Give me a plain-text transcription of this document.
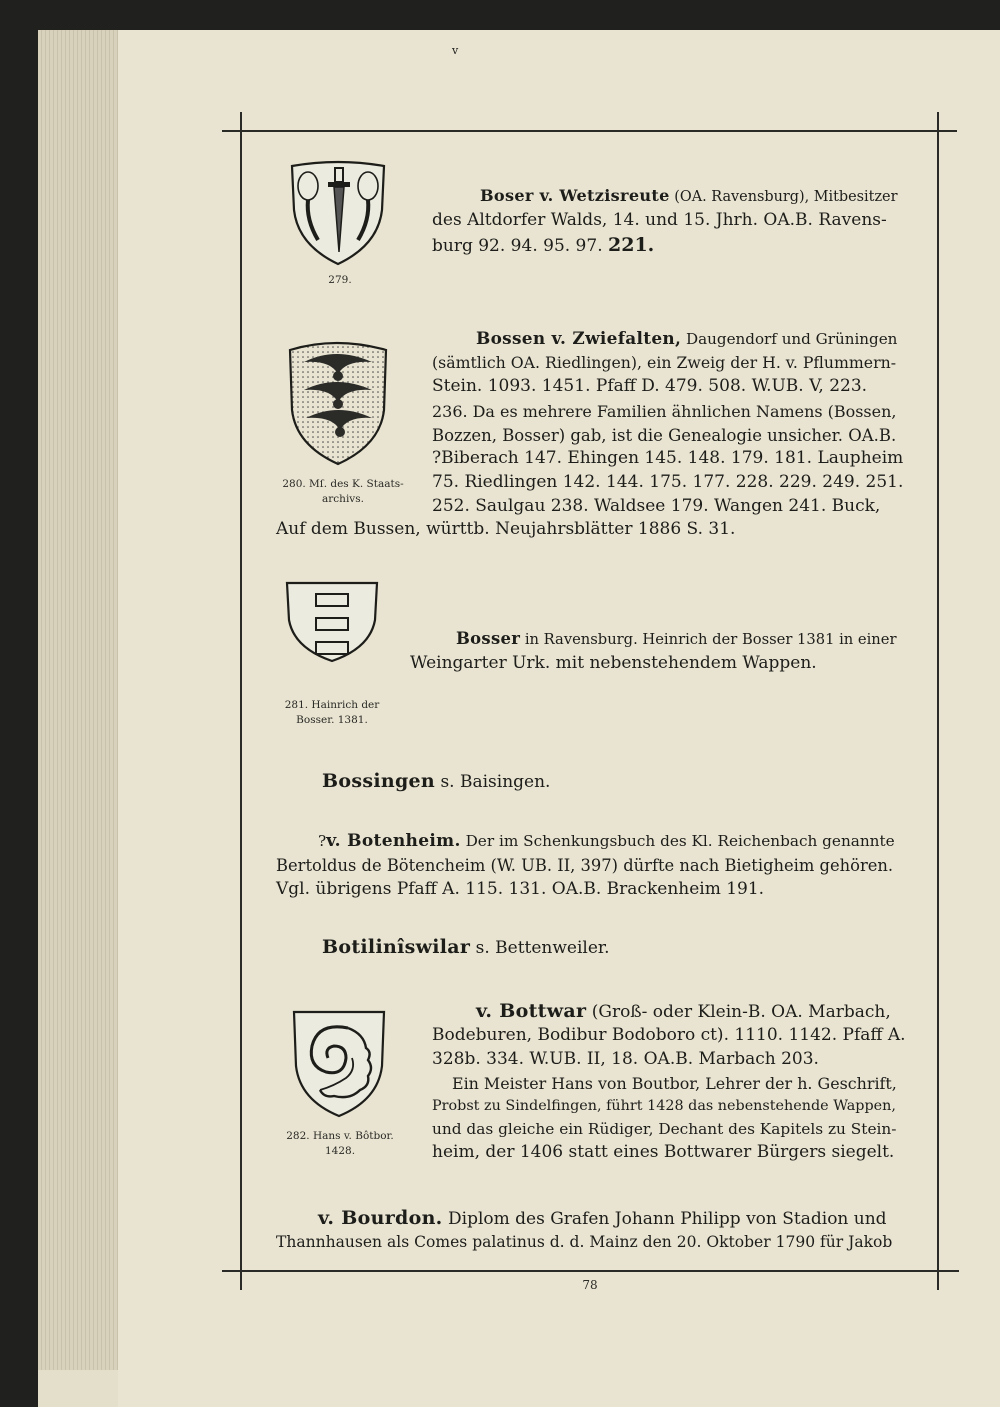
v
279.
Boser v. Wetzisreute (OA. Ravensburg), Mitbesitzer
des Altdorfer Walds, 14. und 15. Jhrh. OA.B. Ravens-
burg 92. 94. 95. 97. 221.
280. Mſ. des K. Staats-
archivs.
Bossen v. Zwiefalten, Daugendorf und Grüningen
(sämtlich OA. Riedlingen), ein Zweig der H. v. Pflummern-
Stein. 1093. 1451. Pfaff D. 479. 508. W.UB. V, 223.
236. Da es mehrere Familien ähnlichen Namens (Bossen,
Bozzen, Bosser) gab, ist die Genealogie unsicher. OA.B.
?Biberach 147. Ehingen 145. 148. 179. 181. Laupheim
75. Riedlingen 142. 144. 175. 177. 228. 229. 249. 251.
252. Saulgau 238. Waldsee 179. Wangen 241. Buck,
Auf dem Bussen, württb. Neujahrsblätter 1886 S. 31.
281. Hainrich der
Bosser. 1381.
Bosser in Ravensburg. Heinrich der Bosser 1381 in einer
Weingarter Urk. mit nebenstehendem Wappen.
Bossingen s. Baisingen.
?v. Botenheim. Der im Schenkungsbuch des Kl. Reichenbach genannte
Bertoldus de Bötencheim (W. UB. II, 397) dürfte nach Bietigheim gehören.
Vgl. übrigens Pfaff A. 115. 131. OA.B. Brackenheim 191.
Botilinîswilar s. Bettenweiler.
282. Hans v. Bôtbor.
1428.
v. Bottwar (Groß- oder Klein-B. OA. Marbach,
Bodeburen, Bodibur Bodoboro ct). 1110. 1142. Pfaff A.
328b. 334. W.UB. II, 18. OA.B. Marbach 203.
Ein Meister Hans von Boutbor, Lehrer der h. Geschrift,
Probst zu Sindelfingen, führt 1428 das nebenstehende Wappen,
und das gleiche ein Rüdiger, Dechant des Kapitels zu Stein-
heim, der 1406 statt eines Bottwarer Bürgers siegelt.
v. Bourdon. Diplom des Grafen Johann Philipp von Stadion und
Thannhausen als Comes palatinus d. d. Mainz den 20. Oktober 1790 für Jakob
78
